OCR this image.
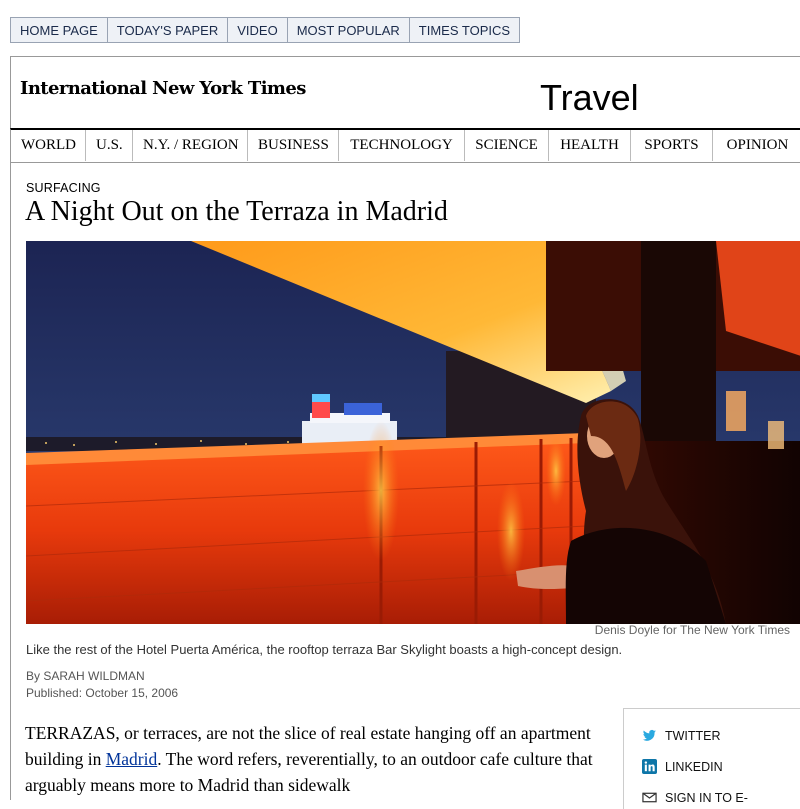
HOME PAGE	TODAY'S PAPER	VIDEO	MOST POPULAR	TIMES TOPICS
International New York Times	Travel
WORLD	U.S.	N.Y. / REGION	BUSINESS	TECHNOLOGY	SCIENCE	HEALTH	SPORTS	OPINION
SURFACING
A Night Out on the Terraza in Madrid
Denis Doyle for The New York Times
Like the rest of the Hotel Puerta América, the rooftop terraza Bar Skylight boasts a high-concept design.
By SARAH WILDMAN
Published: October 15, 2006

TERRAZAS, or terraces, are not the slice of real estate hanging off an apartment building in Madrid. The word refers, reverentially, to an outdoor cafe culture that arguably means more to Madrid than sidewalk

TWITTER
LINKEDIN
SIGN IN TO E-
